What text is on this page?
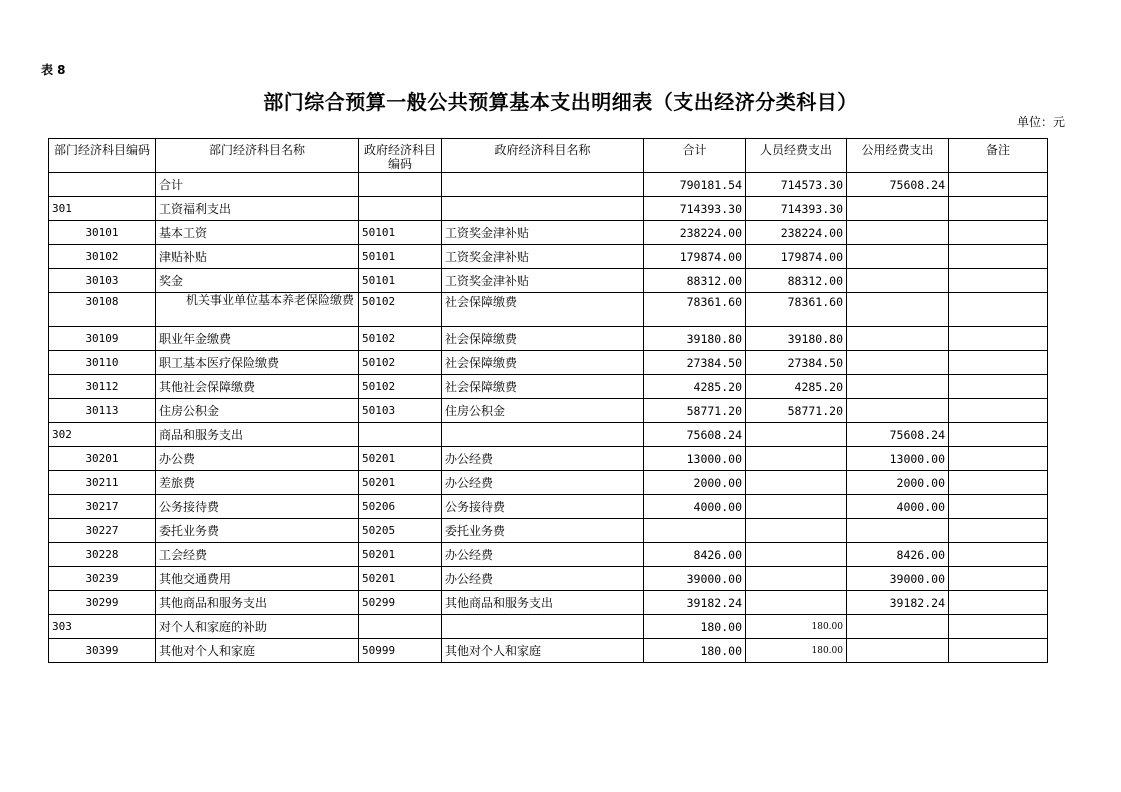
表 8
部门综合预算一般公共预算基本支出明细表（支出经济分类科目）
单位：元
部门经济科目编码	部门经济科目名称	政府经济科目编码	政府经济科目名称	合计	人员经费支出	公用经费支出	备注
	合计			790181.54	714573.30	75608.24	
301	工资福利支出			714393.30	714393.30		
30101	基本工资	50101	工资奖金津补贴	238224.00	238224.00		
30102	津贴补贴	50101	工资奖金津补贴	179874.00	179874.00		
30103	奖金	50101	工资奖金津补贴	88312.00	88312.00		
30108	机关事业单位基本养老保险缴费	50102	社会保障缴费	78361.60	78361.60		
30109	职业年金缴费	50102	社会保障缴费	39180.80	39180.80		
30110	职工基本医疗保险缴费	50102	社会保障缴费	27384.50	27384.50		
30112	其他社会保障缴费	50102	社会保障缴费	4285.20	4285.20		
30113	住房公积金	50103	住房公积金	58771.20	58771.20		
302	商品和服务支出			75608.24		75608.24	
30201	办公费	50201	办公经费	13000.00		13000.00	
30211	差旅费	50201	办公经费	2000.00		2000.00	
30217	公务接待费	50206	公务接待费	4000.00		4000.00	
30227	委托业务费	50205	委托业务费				
30228	工会经费	50201	办公经费	8426.00		8426.00	
30239	其他交通费用	50201	办公经费	39000.00		39000.00	
30299	其他商品和服务支出	50299	其他商品和服务支出	39182.24		39182.24	
303	对个人和家庭的补助			180.00	180.00		
30399	其他对个人和家庭	50999	其他对个人和家庭	180.00	180.00		
